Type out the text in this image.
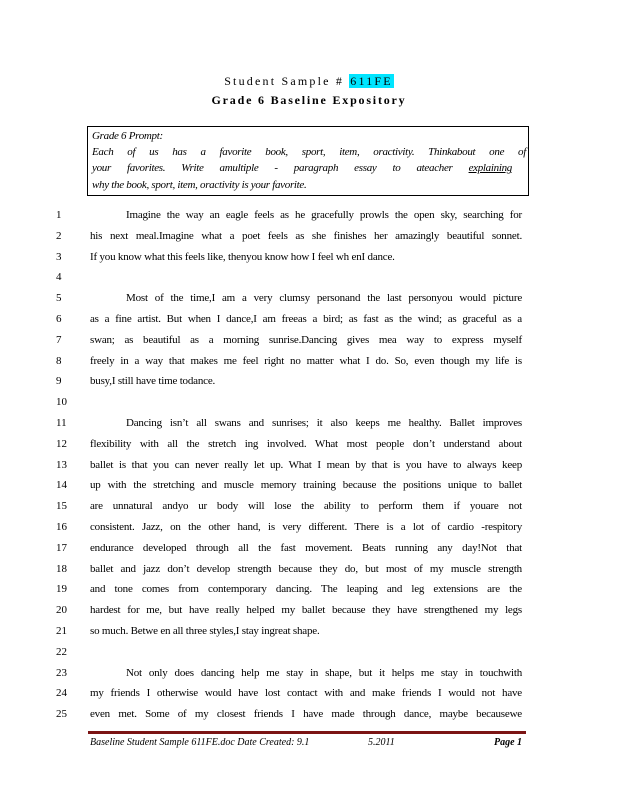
Student Sample # 611FE
Grade 6 Baseline Expository
Grade 6 Prompt:
Each of us has a favorite book, sport, item, oractivity. Thinkabout one of
your favorites. Write amultiple - paragraph essay to ateacher explaining
why the book, sport, item, oractivity is your favorite.
1	Imagine the way an eagle feels as he gracefully prowls the open sky, searching for
2	his next meal.Imagine what a poet feels as she finishes her amazingly beautiful sonnet.
3	If you know what this feels like, thenyou know how I feel wh enI dance.
4
5	Most of the time,I am a very clumsy personand the last personyou would picture
6	as a fine artist. But when I dance,I am freeas a bird; as fast as the wind; as graceful as a
7	swan; as beautiful as a morning sunrise.Dancing gives mea way to express myself
8	freely in a way that makes me feel right no matter what I do. So, even though my life is
9	busy,I still have time todance.
10
11	Dancing isn’t all swans and sunrises; it also keeps me healthy. Ballet improves
12	flexibility with all the stretch ing involved. What most people don’t understand about
13	ballet is that you can never really let up. What I mean by that is you have to always keep
14	up with the stretching and muscle memory training because the positions unique to ballet
15	are unnatural andyo ur body will lose the ability to perform them if youare not
16	consistent. Jazz, on the other hand, is very different. There is a lot of cardio -respitory
17	endurance developed through all the fast movement. Beats running any day!Not that
18	ballet and jazz don’t develop strength because they do, but most of my muscle strength
19	and tone comes from contemporary dancing. The leaping and leg extensions are the
20	hardest for me, but have really helped my ballet because they have strengthened my legs
21	so much. Betwe en all three styles,I stay ingreat shape.
22
23	Not only does dancing help me stay in shape, but it helps me stay in touchwith
24	my friends I otherwise would have lost contact with and make friends I would not have
25	even met. Some of my closest friends I have made through dance, maybe becausewe
Baseline Student Sample 611FE.doc Date Created: 9.1	5.2011	Page 1
